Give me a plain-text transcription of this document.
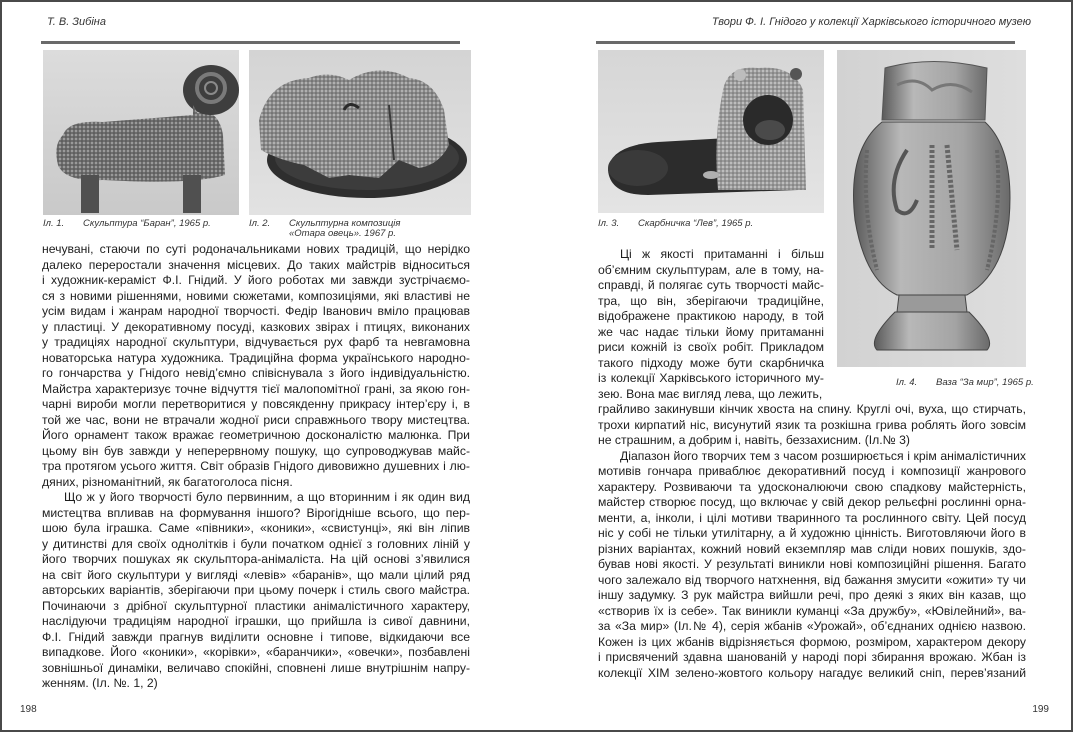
Т. В. Зибіна
Іл. 1. Скульптура “Баран”, 1965 р.	Іл. 2. Скульптурна композиція
«Отара овець». 1967 р.
нечувані, стаючи по суті родоначальниками нових традицій, що нерідко
далеко переростали значення місцевих. До таких майстрів відноситься
і художник-кераміст Ф.І. Гнідий. У його роботах ми завжди зустрічаємо-
ся з новими рішеннями, новими сюжетами, композиціями, які властиві не
усім видам і жанрам народної творчості. Федір Іванович вміло працював
у пластиці. У декоративному посуді, казкових звірах і птицях, виконаних
у традиціях народної скульптури, відчувається рух фарб та невгамовна
новаторська натура художника. Традиційна форма українського народно-
го гончарства у Гнідого невід’ємно співіснувала з його індивідуальністю.
Майстра характеризує точне відчуття тієї малопомітної грані, за якою гон-
чарні вироби могли перетворитися у повсякденну прикрасу інтер’єру і, в
той же час, вони не втрачали жодної риси справжнього твору мистецтва.
Його орнамент також вражає геометричною досконалістю малюнка. При
цьому він був завжди у неперервному пошуку, що супроводжував майс-
тра протягом усього життя. Світ образів Гнідого дивовижно душевних і лю-
дяних, різноманітний, як багатоголоса пісня.
Що ж у його творчості було первинним, а що вторинним і як один вид
мистецтва впливав на формування іншого? Вірогідніше всього, що пер-
шою була іграшка. Саме «півники», «коники», «свистунці», які він ліпив
у дитинстві для своїх однолітків і були початком однієї з головних ліній у
його творчих пошуках як скульптора-анімаліста. На цій основі з’явилися
на світ його скульптури у вигляді «левів» «баранів», що мали цілий ряд
авторських варіантів, зберігаючи при цьому почерк і стиль свого майстра.
Починаючи з дрібної скульптурної пластики анімалістичного характеру,
наслідуючи традиціям народної іграшки, що прийшла із сивої давнини,
Ф.І. Гнідий завжди прагнув виділити основне і типове, відкидаючи все
випадкове. Його «коники», «корівки», «баранчики», «овечки», позбавлені
зовнішньої динаміки, величаво спокійні, сповнені лише внутрішнім напру-
женням. (Іл. №. 1, 2)
198
Твори Ф. І. Гнідого у колекції Харківського історичного музею
Іл. 3. Скарбничка “Лев”, 1965 р.
Іл. 4. Ваза “За мир”, 1965 р.
Ці ж якості притаманні і більш
об’ємним скульптурам, але в тому, на-
справді, й полягає суть творчості майс-
тра, що він, зберігаючи традиційне,
відображене практикою народу, в той
же час надає тільки йому притаманні
риси кожній із своїх робіт. Прикладом
такого підходу може бути скарбничка
із колекції Харківського історичного му-
зею. Вона має вигляд лева, що лежить,
грайливо закинувши кінчик хвоста на спину. Круглі очі, вуха, що стирчать,
трохи кирпатий ніс, висунутий язик та розкішна грива роблять його зовсім
не страшним, а добрим і, навіть, беззахисним. (Іл.№ 3)
Діапазон його творчих тем з часом розширюється і крім анімалістичних
мотивів гончара приваблює декоративний посуд і композиції жанрового
характеру. Розвиваючи та удосконалюючи свою спадкову майстерність,
майстер створює посуд, що включає у свій декор рельєфні рослинні орна-
менти, а, інколи, і цілі мотиви тваринного та рослинного світу. Цей посуд
ніс у собі не тільки утилітарну, а й художню цінність. Виготовляючи його в
різних варіантах, кожний новий екземпляр мав сліди нових пошуків, здо-
бував нові якості. У результаті виникли нові композиційні рішення. Багато
чого залежало від творчого натхнення, від бажання змусити «ожити» ту чи
іншу задумку. З рук майстра вийшли речі, про деякі з яких він казав, що
«створив їх із себе». Так виникли куманці «За дружбу», «Ювілейний», ва-
за «За мир» (Іл.№ 4), серія жбанів «Урожай», об’єднаних однією назвою.
Кожен із цих жбанів відрізняється формою, розміром, характером декору
і присвячений здавна шанованій у народі порі збирання врожаю. Жбан із
колекції ХІМ зелено-жовтого кольору нагадує великий сніп, перев’язаний
199
